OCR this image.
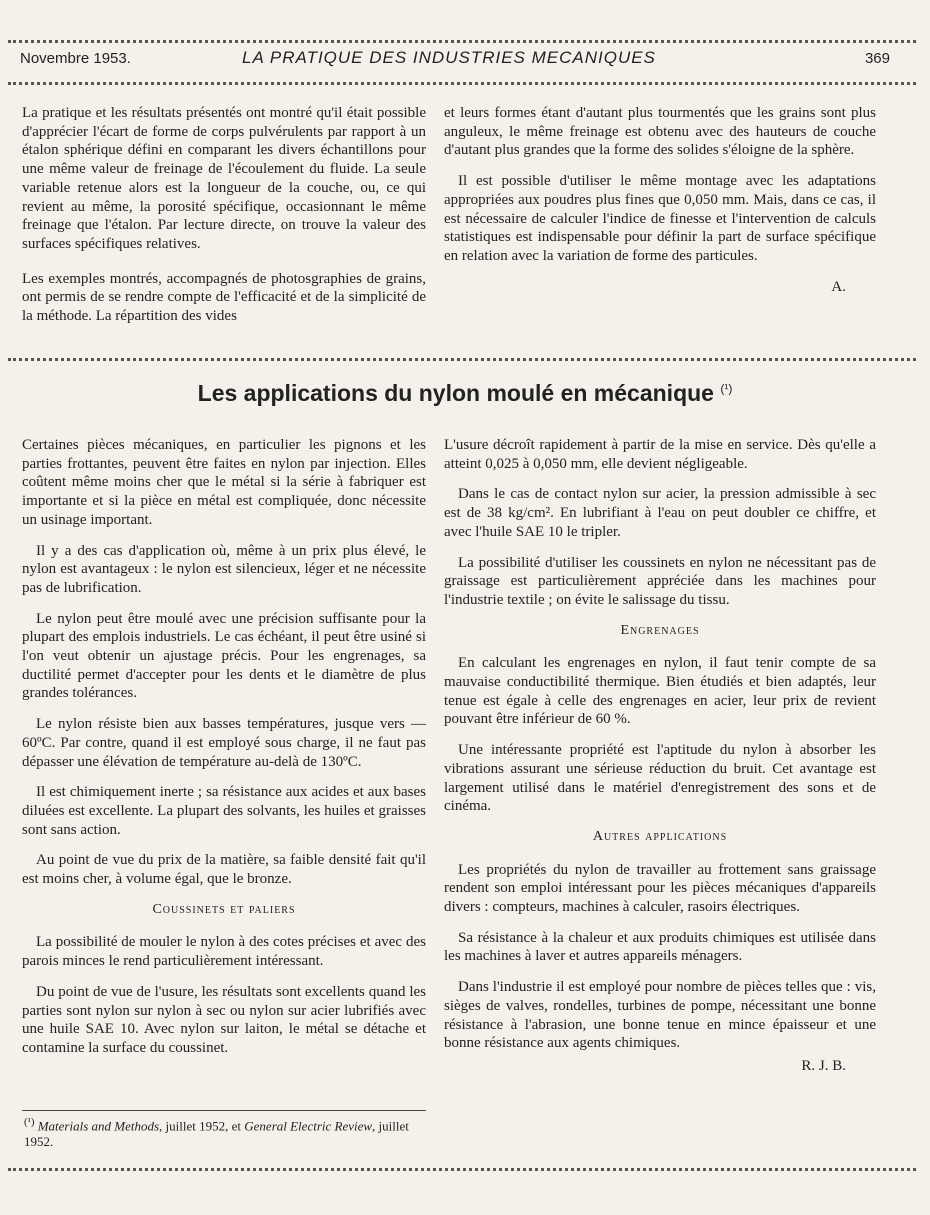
Novembre 1953.	LA PRATIQUE DES INDUSTRIES MECANIQUES	369

La pratique et les résultats présentés ont montré qu'il était possible d'apprécier l'écart de forme de corps pulvérulents par rapport à un étalon sphérique défini en comparant les divers échantillons pour une même valeur de freinage de l'écoulement du fluide. La seule variable retenue alors est la longueur de la couche, ou, ce qui revient au même, la porosité spécifique, occasionnant le même freinage que l'étalon. Par lecture directe, on trouve la valeur des surfaces spécifiques relatives.

Les exemples montrés, accompagnés de photosgraphies de grains, ont permis de se rendre compte de l'efficacité et de la simplicité de la méthode. La répartition des vides

et leurs formes étant d'autant plus tourmentés que les grains sont plus anguleux, le même freinage est obtenu avec des hauteurs de couche d'autant plus grandes que la forme des solides s'éloigne de la sphère.

Il est possible d'utiliser le même montage avec les adaptations appropriées aux poudres plus fines que 0,050 mm. Mais, dans ce cas, il est nécessaire de calculer l'indice de finesse et l'intervention de calculs statistiques est indispensable pour définir la part de surface spécifique en relation avec la variation de forme des particules.

A.
Les applications du nylon moulé en mécanique $^{(^1)}$

Certaines pièces mécaniques, en particulier les pignons et les parties frottantes, peuvent être faites en nylon par injection. Elles coûtent même moins cher que le métal si la série à fabriquer est importante et si la pièce en métal est compliquée, donc nécessite un usinage important.

Il y a des cas d'application où, même à un prix plus élevé, le nylon est avantageux : le nylon est silencieux, léger et ne nécessite pas de lubrification.

Le nylon peut être moulé avec une précision suffisante pour la plupart des emplois industriels. Le cas échéant, il peut être usiné si l'on veut obtenir un ajustage précis. Pour les engrenages, sa ductilité permet d'accepter pour les dents et le diamètre de plus grandes tolérances.

Le nylon résiste bien aux basses températures, jusque vers —60ºC. Par contre, quand il est employé sous charge, il ne faut pas dépasser une élévation de température au-delà de 130ºC.

Il est chimiquement inerte ; sa résistance aux acides et aux bases diluées est excellente. La plupart des solvants, les huiles et graisses sont sans action.

Au point de vue du prix de la matière, sa faible densité fait qu'il est moins cher, à volume égal, que le bronze.

Coussinets et paliers

La possibilité de mouler le nylon à des cotes précises et avec des parois minces le rend particulièrement intéressant.

Du point de vue de l'usure, les résultats sont excellents quand les parties sont nylon sur nylon à sec ou nylon sur acier lubrifiés avec une huile SAE 10. Avec nylon sur laiton, le métal se détache et contamine la surface du coussinet.

$^{(^1)}$ Materials and Methods, juillet 1952, et General Electric Review, juillet 1952.

L'usure décroît rapidement à partir de la mise en service. Dès qu'elle a atteint 0,025 à 0,050 mm, elle devient négligeable.

Dans le cas de contact nylon sur acier, la pression admissible à sec est de 38 kg/cm². En lubrifiant à l'eau on peut doubler ce chiffre, et avec l'huile SAE 10 le tripler.

La possibilité d'utiliser les coussinets en nylon ne nécessitant pas de graissage est particulièrement appréciée dans les machines pour l'industrie textile ; on évite le salissage du tissu.

Engrenages

En calculant les engrenages en nylon, il faut tenir compte de sa mauvaise conductibilité thermique. Bien étudiés et bien adaptés, leur tenue est égale à celle des engrenages en acier, leur prix de revient pouvant être inférieur de 60 %.

Une intéressante propriété est l'aptitude du nylon à absorber les vibrations assurant une sérieuse réduction du bruit. Cet avantage est largement utilisé dans le matériel d'enregistrement des sons et de cinéma.

Autres applications

Les propriétés du nylon de travailler au frottement sans graissage rendent son emploi intéressant pour les pièces mécaniques d'appareils divers : compteurs, machines à calculer, rasoirs électriques.

Sa résistance à la chaleur et aux produits chimiques est utilisée dans les machines à laver et autres appareils ménagers.

Dans l'industrie il est employé pour nombre de pièces telles que : vis, sièges de valves, rondelles, turbines de pompe, nécessitant une bonne résistance à l'abrasion, une bonne tenue en mince épaisseur et une bonne résistance aux agents chimiques.

R. J. B.
